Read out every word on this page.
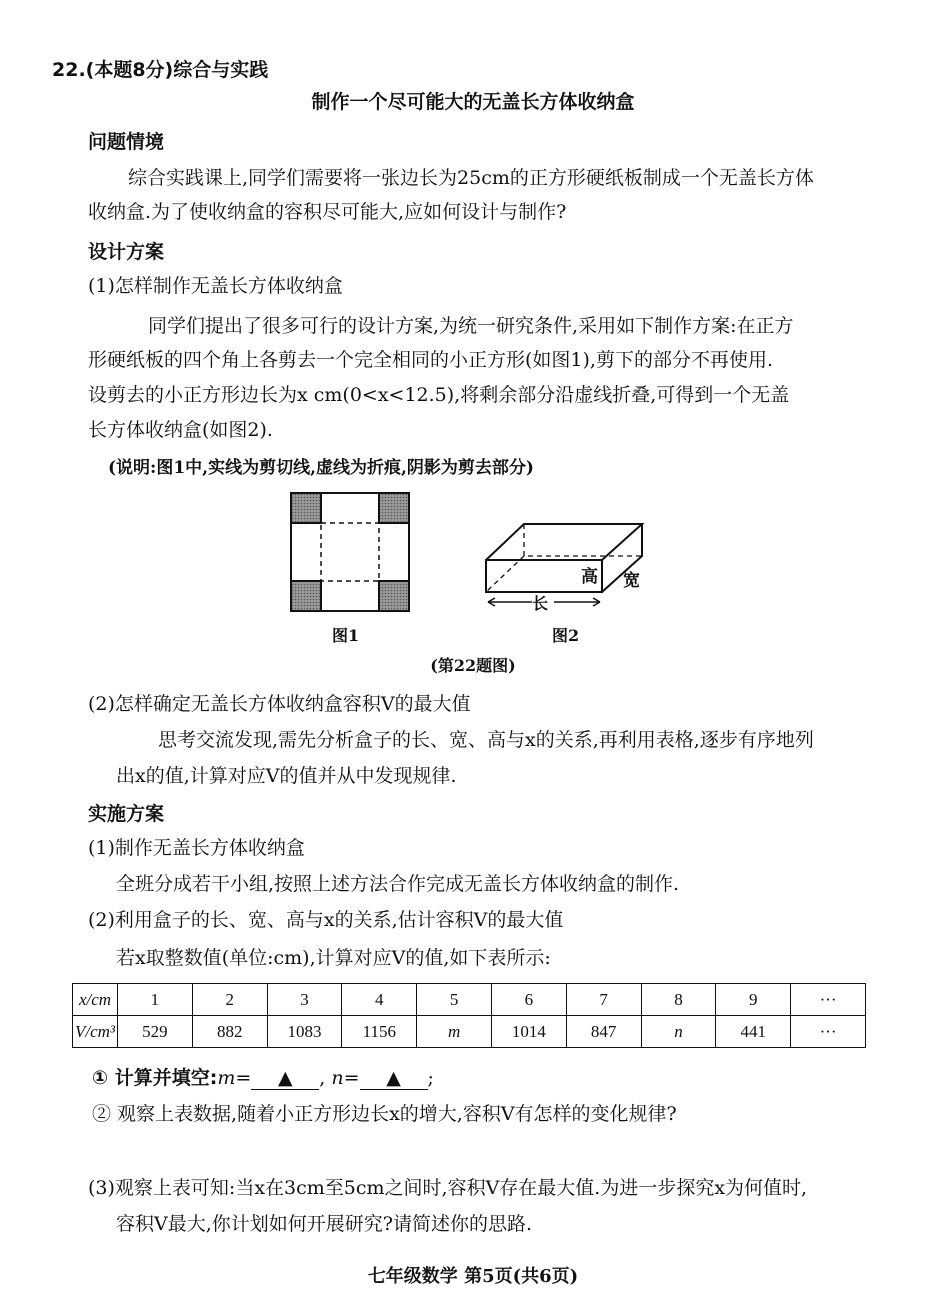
22.(本题8分)综合与实践
制作一个尽可能大的无盖长方体收纳盒
问题情境
综合实践课上,同学们需要将一张边长为25cm的正方形硬纸板制成一个无盖长方体
收纳盒.为了使收纳盒的容积尽可能大,应如何设计与制作?
设计方案
(1)怎样制作无盖长方体收纳盒
同学们提出了很多可行的设计方案,为统一研究条件,采用如下制作方案:在正方
形硬纸板的四个角上各剪去一个完全相同的小正方形(如图1),剪下的部分不再使用.
设剪去的小正方形边长为x cm(0<x<12.5),将剩余部分沿虚线折叠,可得到一个无盖
长方体收纳盒(如图2).
(说明:图1中,实线为剪切线,虚线为折痕,阴影为剪去部分)
图1
长
高 宽
图2
(第22题图)
(2)怎样确定无盖长方体收纳盒容积V的最大值
思考交流发现,需先分析盒子的长、宽、高与x的关系,再利用表格,逐步有序地列
出x的值,计算对应V的值并从中发现规律.
实施方案
(1)制作无盖长方体收纳盒
全班分成若干小组,按照上述方法合作完成无盖长方体收纳盒的制作.
(2)利用盒子的长、宽、高与x的关系,估计容积V的最大值
若x取整数值(单位:cm),计算对应V的值,如下表所示:
x/cm	1	2	3	4	5	6	7	8	9	···
V/cm³	529	882	1083	1156	m	1014	847	n	441	···
① 计算并填空:m= ▲ , n= ▲ ;
② 观察上表数据,随着小正方形边长x的增大,容积V有怎样的变化规律?
(3)观察上表可知:当x在3cm至5cm之间时,容积V存在最大值.为进一步探究x为何值时,
容积V最大,你计划如何开展研究?请简述你的思路.
七年级数学 第5页(共6页)
